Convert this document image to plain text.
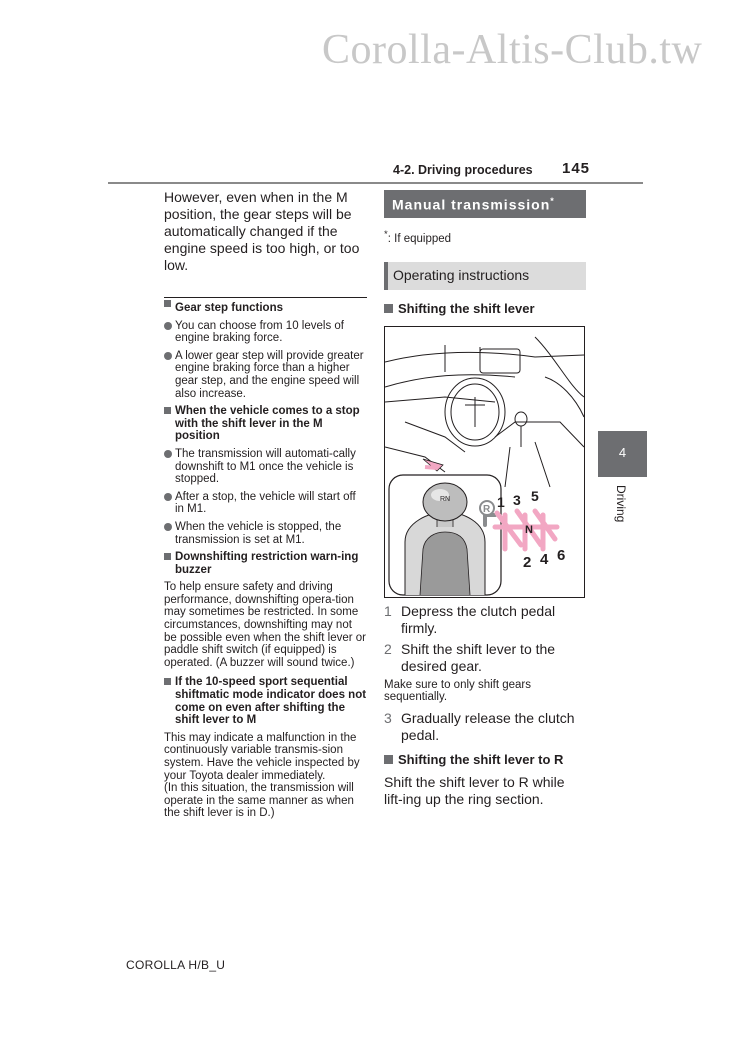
Corolla-Altis-Club.tw
4-2. Driving procedures 145

However, even when in the M position, the gear steps will be automatically changed if the engine speed is too high, or too low.

Gear step functions
You can choose from 10 levels of engine braking force.
A lower gear step will provide greater engine braking force than a higher gear step, and the engine speed will also increase.
When the vehicle comes to a stop with the shift lever in the M position
The transmission will automati-cally downshift to M1 once the vehicle is stopped.
After a stop, the vehicle will start off in M1.
When the vehicle is stopped, the transmission is set at M1.
Downshifting restriction warn-ing buzzer

To help ensure safety and driving performance, downshifting opera-tion may sometimes be restricted. In some circumstances, downshifting may not be possible even when the shift lever or paddle shift switch (if equipped) is operated. (A buzzer will sound twice.)

If the 10-speed sport sequential shiftmatic mode indicator does not come on even after shifting the shift lever to M

This may indicate a malfunction in the continuously variable transmis-sion system. Have the vehicle inspected by your Toyota dealer immediately.

(In this situation, the transmission will operate in the same manner as when the shift lever is in D.)

Manual transmission*
*: If equipped
Operating instructions
Shifting the shift lever
RN
R 1 3 5
N
2 4 6
1 Depress the clutch pedal firmly.
2 Shift the shift lever to the desired gear.

Make sure to only shift gears sequentially.

3 Gradually release the clutch pedal.
Shifting the shift lever to R

Shift the shift lever to R while lift-ing up the ring section.

4
Driving
COROLLA H/B_U
